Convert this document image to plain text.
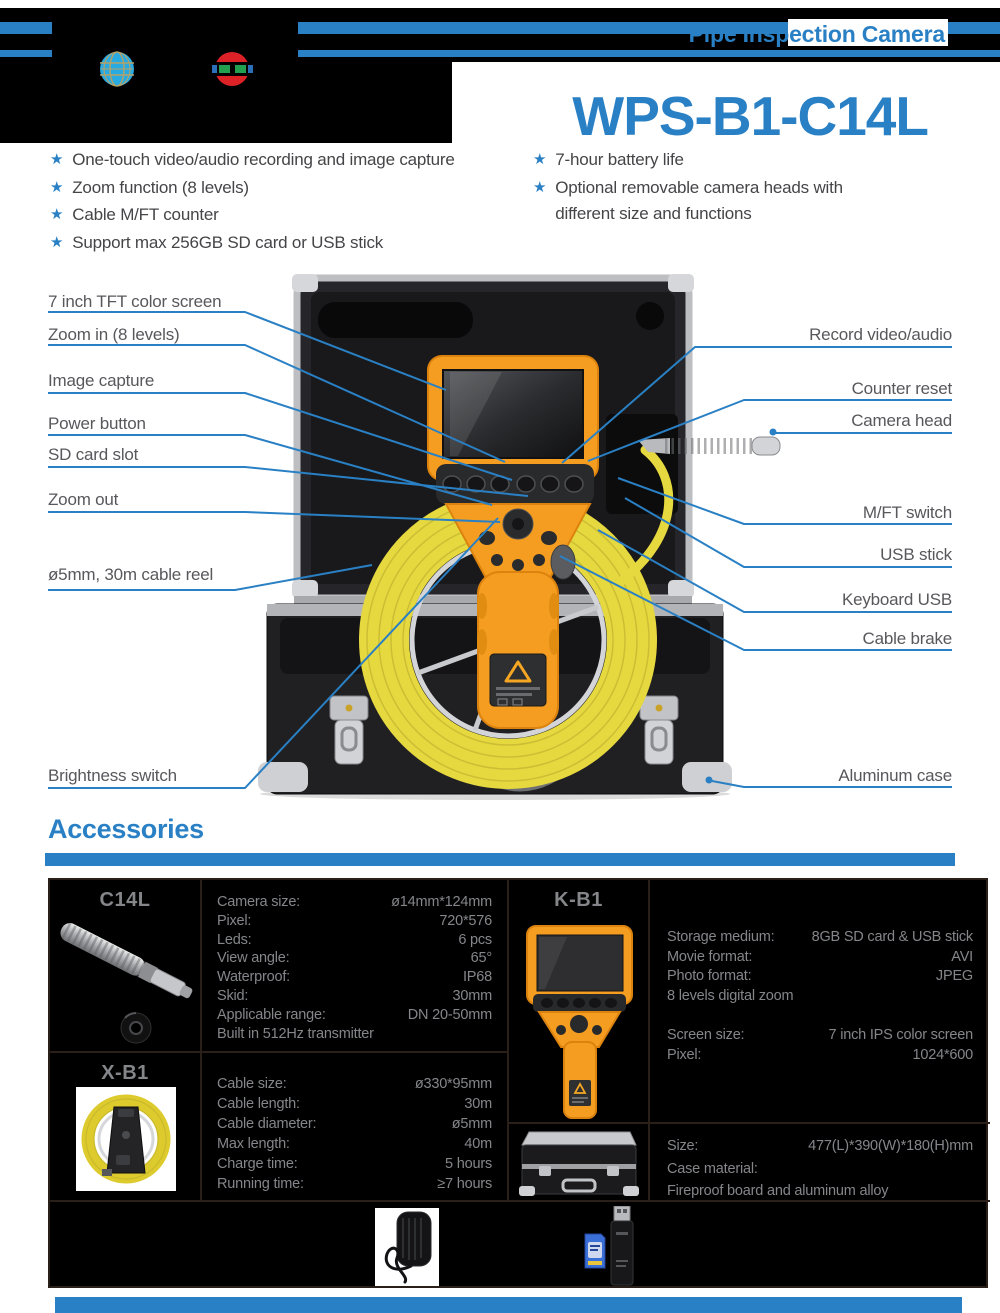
Pipe Inspection Camera
WPS-B1-C14L
★ One-touch video/audio recording and image capture
★ Zoom function (8 levels)
★ Cable M/FT counter
★ Support max 256GB SD card or USB stick
★ 7-hour battery life
★ Optional removable camera heads with different size and functions
7 inch TFT color screen
Zoom in (8 levels)
Image capture
Power button
SD card slot
Zoom out
ø5mm, 30m cable reel
Brightness switch
Record video/audio
Counter reset
Camera head
M/FT switch
USB stick
Keyboard USB
Cable brake
Aluminum case
Accessories
C14L	Camera size:	ø14mm*124mm
Pixel:	720*576
Leds:	6 pcs
View angle:	65°
Waterproof:	IP68
Skid:	30mm
Applicable range:	DN 20-50mm
Built in 512Hz transmitter
K-B1
Storage medium:	8GB SD card & USB stick
Movie format:	AVI
Photo format:	JPEG
8 levels digital zoom
Screen size:	7 inch IPS color screen
Pixel:	1024*600
X-B1	Cable size:	ø330*95mm
Cable length:	30m
Cable diameter:	ø5mm
Max length:	40m
Charge time:	5 hours
Running time:	≥7 hours
Size:	477(L)*390(W)*180(H)mm
Case material:
Fireproof board and aluminum alloy
